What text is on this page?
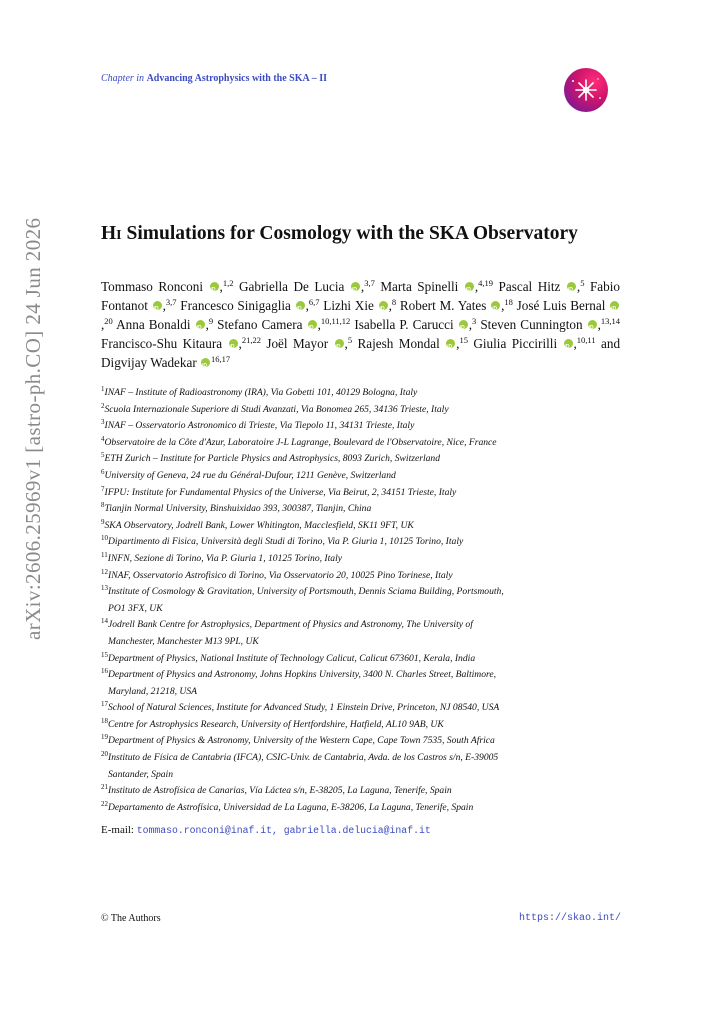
arXiv:2606.25969v1 [astro-ph.CO] 24 Jun 2026
Chapter in Advancing Astrophysics with the SKA – II
Hi Simulations for Cosmology with the SKA Observatory
Tommaso Ronconi iD ,$^{1,2}$ Gabriella De Lucia iD ,$^{3,7}$ Marta Spinelli iD ,$^{4,19}$ Pascal Hitz iD ,$^5$ Fabio Fontanot iD ,$^{3,7}$ Francesco Sinigaglia iD ,$^{6,7}$ Lizhi Xie iD ,$^8$ Robert M. Yates iD ,$^{18}$ José Luis Bernal iD,$^{20}$ Anna Bonaldi iD ,$^9$ Stefano Camera iD ,$^{10,11,12}$ Isabella P. Carucci iD ,$^3$ Steven Cunnington iD ,$^{13,14}$ Francisco-Shu Kitaura iD ,$^{21,22}$ Joël Mayor iD ,$^5$ Rajesh Mondal iD ,$^{15}$ Giulia Piccirilli iD ,$^{10,11}$ and Digvijay Wadekar iD $^{16,17}$
$^1$INAF – Institute of Radioastronomy (IRA), Via Gobetti 101, 40129 Bologna, Italy
$^2$Scuola Internazionale Superiore di Studi Avanzati, Via Bonomea 265, 34136 Trieste, Italy
$^3$INAF – Osservatorio Astronomico di Trieste, Via Tiepolo 11, 34131 Trieste, Italy
$^4$Observatoire de la Côte d'Azur, Laboratoire J-L Lagrange, Boulevard de l'Observatoire, Nice, France
$^5$ETH Zurich – Institute for Particle Physics and Astrophysics, 8093 Zurich, Switzerland
$^6$University of Geneva, 24 rue du Général-Dufour, 1211 Genève, Switzerland
$^7$IFPU: Institute for Fundamental Physics of the Universe, Via Beirut, 2, 34151 Trieste, Italy
$^8$Tianjin Normal University, Binshuixidao 393, 300387, Tianjin, China
$^9$SKA Observatory, Jodrell Bank, Lower Whitington, Macclesfield, SK11 9FT, UK
$^{10}$Dipartimento di Fisica, Università degli Studi di Torino, Via P. Giuria 1, 10125 Torino, Italy
$^{11}$INFN, Sezione di Torino, Via P. Giuria 1, 10125 Torino, Italy
$^{12}$INAF, Osservatorio Astrofisico di Torino, Via Osservatorio 20, 10025 Pino Torinese, Italy
$^{13}$Institute of Cosmology & Gravitation, University of Portsmouth, Dennis Sciama Building, Portsmouth,
PO1 3FX, UK
$^{14}$Jodrell Bank Centre for Astrophysics, Department of Physics and Astronomy, The University of
Manchester, Manchester M13 9PL, UK
$^{15}$Department of Physics, National Institute of Technology Calicut, Calicut 673601, Kerala, India
$^{16}$Department of Physics and Astronomy, Johns Hopkins University, 3400 N. Charles Street, Baltimore,
Maryland, 21218, USA
$^{17}$School of Natural Sciences, Institute for Advanced Study, 1 Einstein Drive, Princeton, NJ 08540, USA
$^{18}$Centre for Astrophysics Research, University of Hertfordshire, Hatfield, AL10 9AB, UK
$^{19}$Department of Physics & Astronomy, University of the Western Cape, Cape Town 7535, South Africa
$^{20}$Instituto de Física de Cantabria (IFCA), CSIC-Univ. de Cantabria, Avda. de los Castros s/n, E-39005
Santander, Spain
$^{21}$Instituto de Astrofísica de Canarias, Vía Láctea s/n, E-38205, La Laguna, Tenerife, Spain
$^{22}$Departamento de Astrofísica, Universidad de La Laguna, E-38206, La Laguna, Tenerife, Spain
E-mail: tommaso.ronconi@inaf.it, gabriella.delucia@inaf.it
© The Authors	https://skao.int/
